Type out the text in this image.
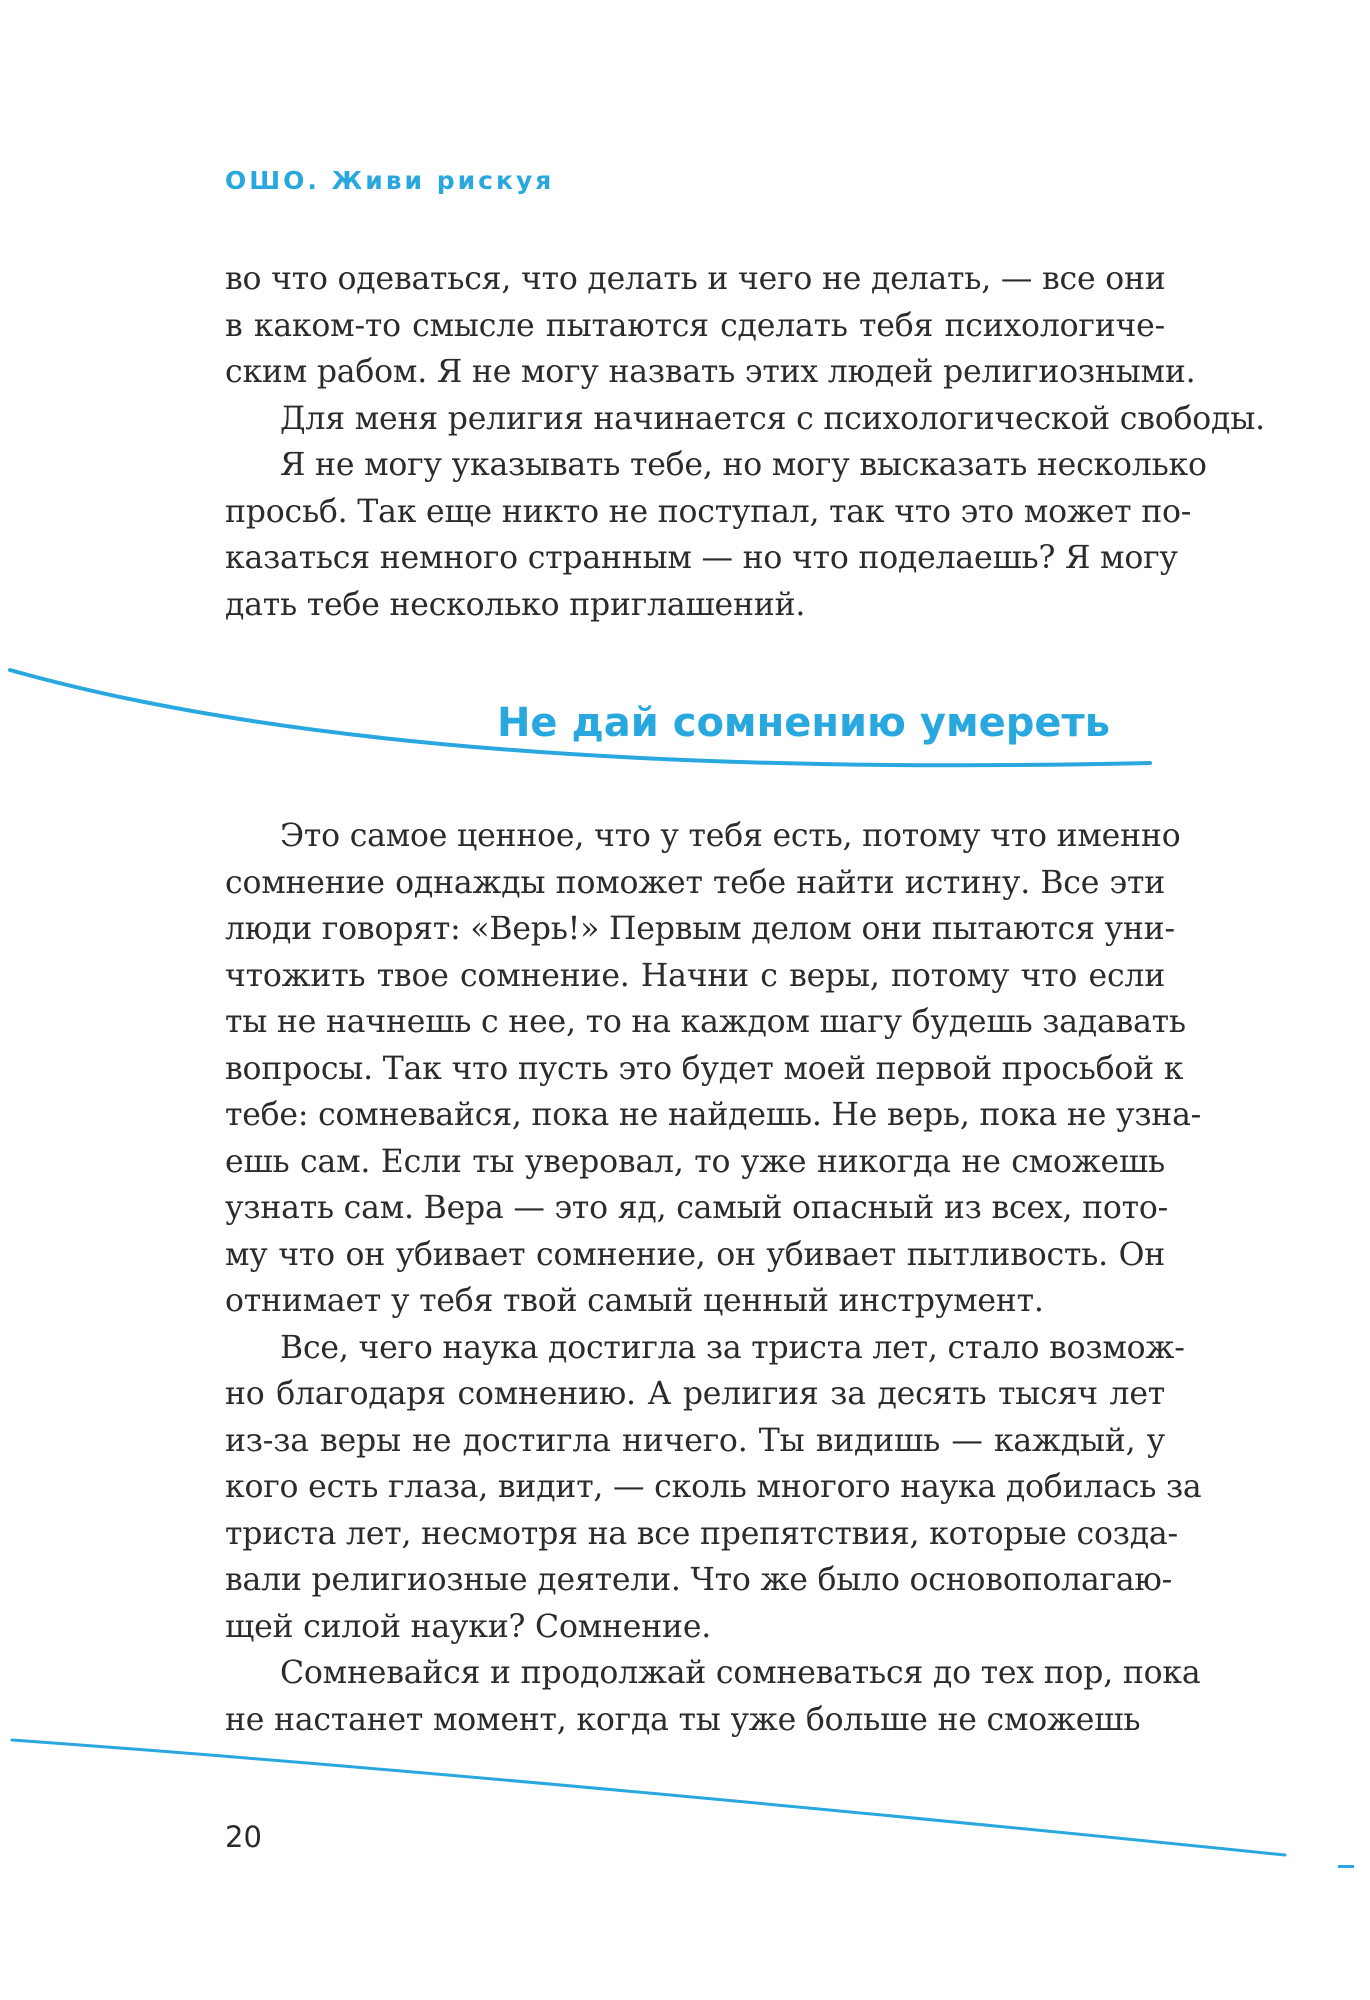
ОШО. Живи рискуя
во что одеваться, что делать и чего не делать, — все они
в каком-то смысле пытаются сделать тебя психологиче-
ским рабом. Я не могу назвать этих людей религиозными.
Для меня религия начинается с психологической свободы.
Я не могу указывать тебе, но могу высказать несколько
просьб. Так еще никто не поступал, так что это может по-
казаться немного странным — но что поделаешь? Я могу
дать тебе несколько приглашений.
Не дай сомнению умереть
Это самое ценное, что у тебя есть, потому что именно
сомнение однажды поможет тебе найти истину. Все эти
люди говорят: «Верь!» Первым делом они пытаются уни-
чтожить твое сомнение. Начни с веры, потому что если
ты не начнешь с нее, то на каждом шагу будешь задавать
вопросы. Так что пусть это будет моей первой просьбой к
тебе: сомневайся, пока не найдешь. Не верь, пока не узна-
ешь сам. Если ты уверовал, то уже никогда не сможешь
узнать сам. Вера — это яд, самый опасный из всех, пото-
му что он убивает сомнение, он убивает пытливость. Он
отнимает у тебя твой самый ценный инструмент.
Все, чего наука достигла за триста лет, стало возмож-
но благодаря сомнению. А религия за десять тысяч лет
из-за веры не достигла ничего. Ты видишь — каждый, у
кого есть глаза, видит, — сколь многого наука добилась за
триста лет, несмотря на все препятствия, которые созда-
вали религиозные деятели. Что же было основополагаю-
щей силой науки? Сомнение.
Сомневайся и продолжай сомневаться до тех пор, пока
не настанет момент, когда ты уже больше не сможешь
20
